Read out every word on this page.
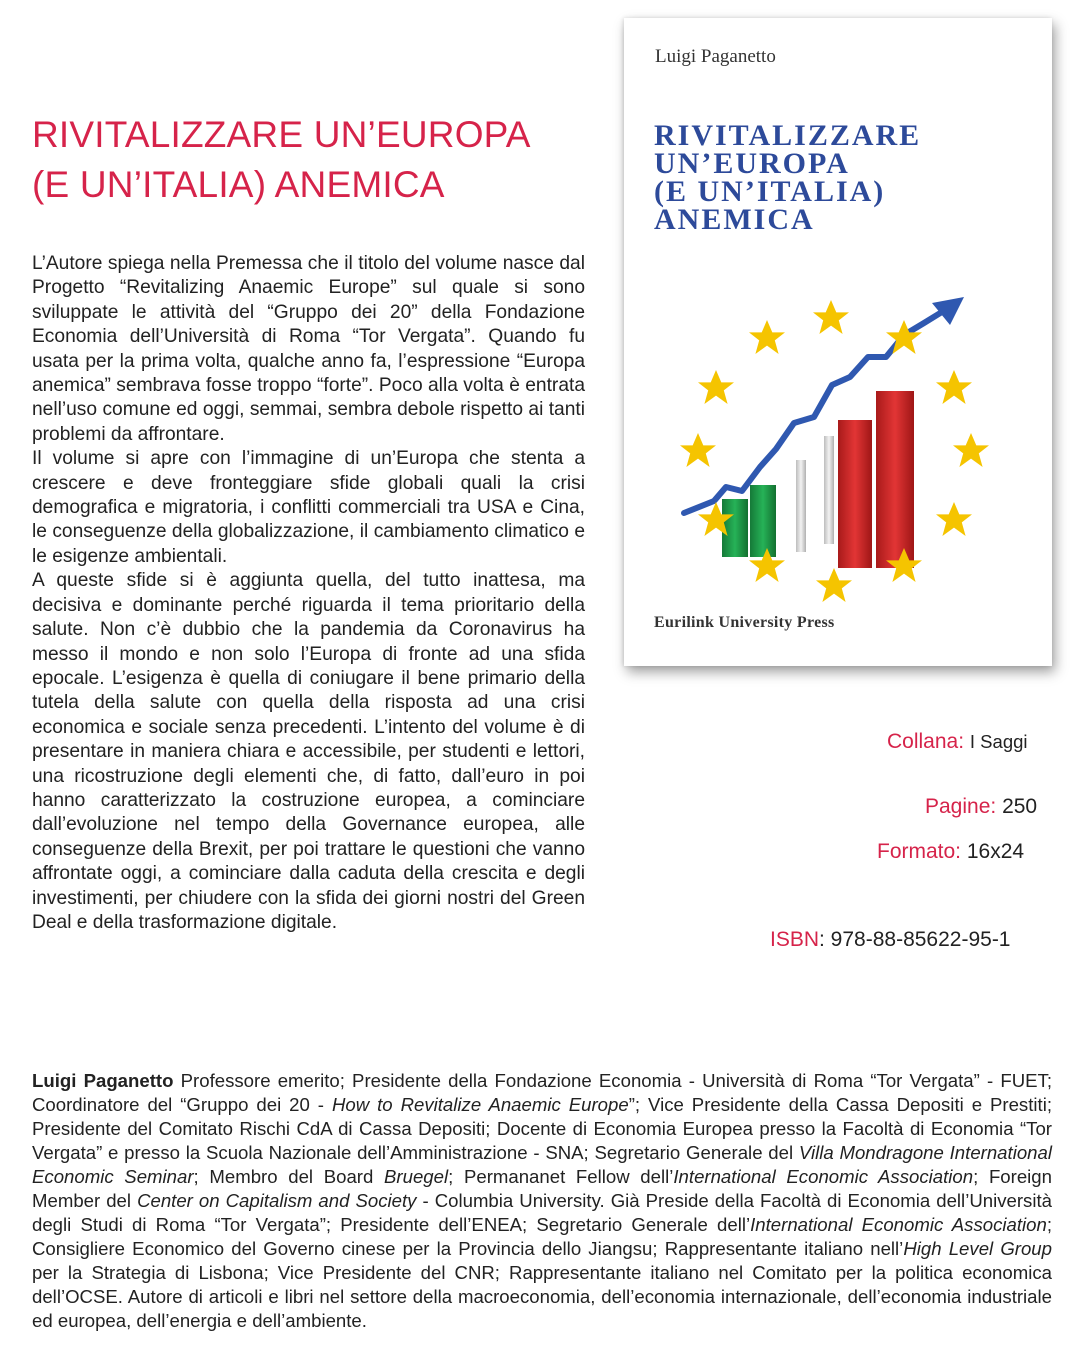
RIVITALIZZARE UN’EUROPA
(E UN’ITALIA) ANEMICA

L’Autore spiega nella Premessa che il titolo del volume nasce dal Progetto “Revitalizing Anaemic Europe” sul quale si sono sviluppate le attività del “Gruppo dei 20” della Fondazione Economia dell’Università di Roma “Tor Vergata”. Quando fu usata per la prima volta, qualche anno fa, l’espressione “Europa anemica” sembrava fosse troppo “forte”. Poco alla volta è entrata nell’uso comune ed oggi, semmai, sembra debole rispetto ai tanti problemi da affrontare.

Il volume si apre con l’immagine di un’Europa che stenta a crescere e deve fronteggiare sfide globali quali la crisi demografica e migratoria, i conflitti commerciali tra USA e Cina, le conseguenze della globalizzazione, il cambiamento climatico e le esigenze ambientali.

A queste sfide si è aggiunta quella, del tutto inattesa, ma decisiva e dominante perché riguarda il tema prioritario della salute. Non c’è dubbio che la pandemia da Coronavirus ha messo il mondo e non solo l’Europa di fronte ad una sfida epocale. L’esigenza è quella di coniugare il bene primario della tutela della salute con quella della risposta ad una crisi economica e sociale senza precedenti. L’intento del volume è di presentare in maniera chiara e accessibile, per studenti e lettori, una ricostruzione degli elementi che, di fatto, dall’euro in poi hanno caratterizzato la costruzione europea, a cominciare dall’evoluzione nel tempo della Governance europea, alle conseguenze della Brexit, per poi trattare le questioni che vanno affrontate oggi, a cominciare dalla caduta della crescita e degli investimenti, per chiudere con la sfida dei giorni nostri del Green Deal e della trasformazione digitale.

Luigi Paganetto
RIVITALIZZARE
UN’EUROPA
(E UN’ITALIA)
ANEMICA
Eurilink University Press
Collana: I Saggi
Pagine: 250
Formato: 16x24
ISBN: 978-88-85622-95-1
Luigi Paganetto Professore emerito; Presidente della Fondazione Economia - Università di Roma “Tor Vergata” - FUET; Coordinatore del “Gruppo dei 20 - How to Revitalize Anaemic Europe”; Vice Presidente della Cassa Depositi e Prestiti; Presidente del Comitato Rischi CdA di Cassa Depositi; Docente di Economia Europea presso la Facoltà di Economia “Tor Vergata” e presso la Scuola Nazionale dell’Amministrazione - SNA; Segretario Generale del Villa Mondragone International Economic Seminar; Membro del Board Bruegel; Permananet Fellow dell’International Economic Association; Foreign Member del Center on Capitalism and Society - Columbia University. Già Preside della Facoltà di Economia dell’Università degli Studi di Roma “Tor Vergata”; Presidente dell’ENEA; Segretario Generale dell’International Economic Association; Consigliere Economico del Governo cinese per la Provincia dello Jiangsu; Rappresentante italiano nell’High Level Group per la Strategia di Lisbona; Vice Presidente del CNR; Rappresentante italiano nel Comitato per la politica economica dell’OCSE. Autore di articoli e libri nel settore della macroeconomia, dell’economia internazionale, dell’economia industriale ed europea, dell’energia e dell’ambiente.
